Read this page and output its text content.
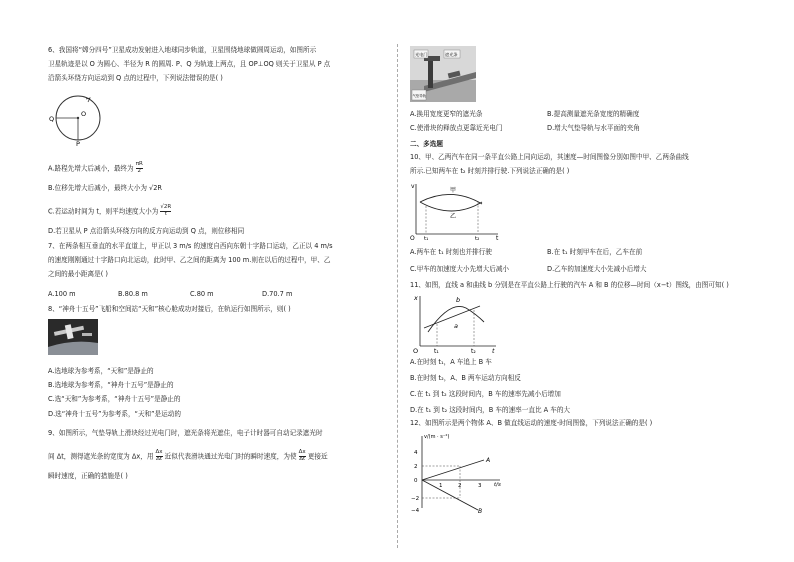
6、我国将“嫦分四号”卫星成功发射进入地球同步轨道，卫星围绕地球做圆周运动，如图所示
卫星轨迹是以 O 为圆心、半径为 R 的圆周. P、Q 为轨迹上两点，且 OP⊥OQ 则关于卫星从 P 点
沿箭头环绕方向运动到 Q 点的过程中，下列说法错误的是( )
Q
O
P
A.路程先增大后减小，最终为 $\frac{\pi R}{2}$
B.位移先增大后减小，最终大小为 √2R
C.若运动时间为 t，则平均速度大小为 $\frac{√2R}{t}$
D.若卫星从 P 点沿箭头环绕方向的反方向运动到 Q 点，则位移相同
7、在两条相互垂直的水平直道上，甲正以 3 m/s 的速度自西向东朝十字路口运动，乙正以 4 m/s
的速度刚刚通过十字路口向北运动，此时甲、乙之间的距离为 100 m.则在以后的过程中，甲、乙
之间的最小距离是( )
A.100 m	B.80.8 m	C.80 m	D.70.7 m
8、“神舟十五号”飞船和空间站“天和”核心舱成功对接后，在轨运行如图所示，则( )
A.选地球为参考系，“天和”是静止的
B.选地球为参考系，“神舟十五号”是静止的
C.选“天和”为参考系，“神舟十五号”是静止的
D.选“神舟十五号”为参考系，“天和”是运动的
9、如图所示，气垫导轨上滑块经过光电门时，遮光条将光遮住，电子计时器可自动记录遮光时
间 Δt，测得遮光条的宽度为 Δx，用 $\frac{\Delta x}{\Delta t}$ 近似代表滑块通过光电门时的瞬时速度，为使 $\frac{\Delta x}{\Delta t}$ 更接近
瞬时速度，正确的措施是( )
光电门	遮光条
气垫导轨
A.换用宽度更窄的遮光条	B.提高测量遮光条宽度的精确度
C.使滑块的释放点更靠近光电门	D.增大气垫导轨与水平面的夹角
二、多选题
10、甲、乙两汽车在同一条平直公路上同向运动，其速度—时间图像分别如图中甲、乙两条曲线
所示.已知两车在 t₂ 时刻并排行驶.下列说法正确的是( )
v
甲
乙
O t₁	t₂	t
A.两车在 t₁ 时刻也并排行驶	B.在 t₁ 时刻甲车在后，乙车在前
C.甲车的加速度大小先增大后减小	D.乙车的加速度大小先减小后增大
11、如图，直线 a 和曲线 b 分别是在平直公路上行驶的汽车 A 和 B 的位移—时间（x−t）图线，由图可知( )
x	b
a
O	t₁	t₂ t
A.在时刻 t₁，A 车追上 B 车
B.在时刻 t₂，A、B 两车运动方向相反
C.在 t₁ 到 t₂ 这段时间内，B 车的速率先减小后增加
D.在 t₁ 到 t₂ 这段时间内，B 车的速率一直比 A 车的大
12、如图所示是两个物体 A、B 做直线运动的速度-时间图像，下列说法正确的是( )
v/(m · s⁻²)
t/s
A
B
4
2
0
−2
−4
1	2	3
